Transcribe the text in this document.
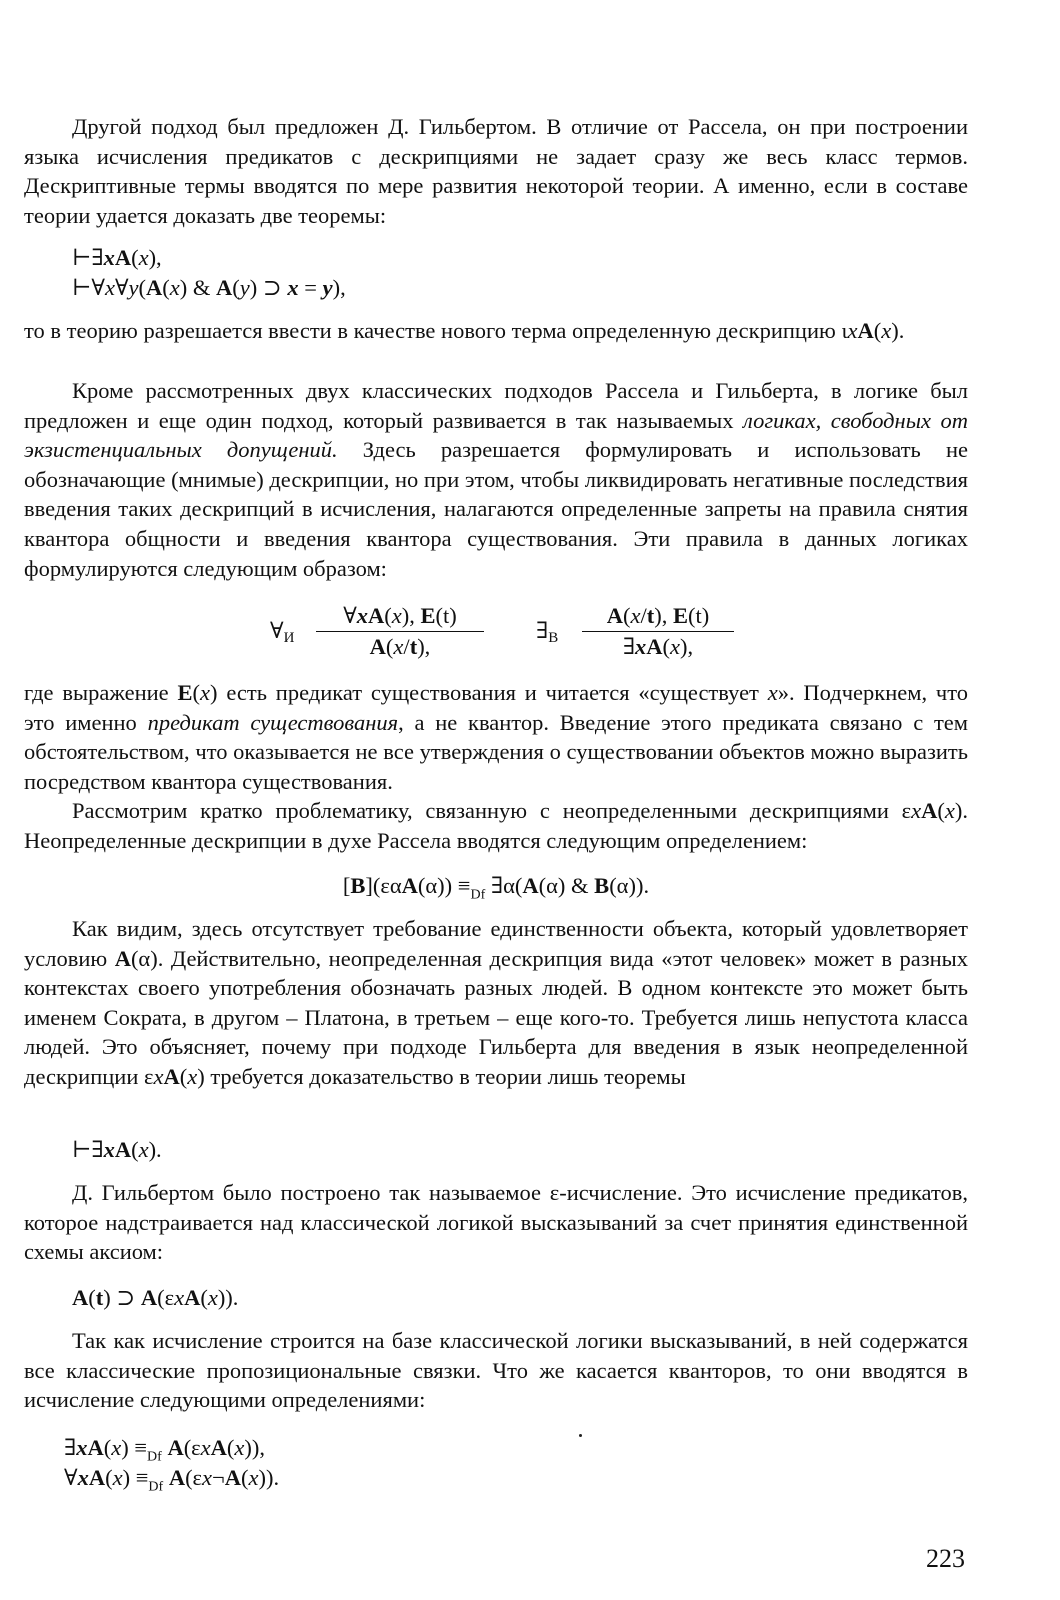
Другой подход был предложен Д. Гильбертом. В отличие от Рассела, он при построении языка исчисления предикатов с дескрипциями не задает сразу же весь класс термов. Дескриптивные термы вводятся по мере развития некоторой теории. А именно, если в составе теории удается доказать две теоремы:

⊢∃xA(x),
⊢∀x∀y(A(x) & A(y) ⊃ x = y),

то в теорию разрешается ввести в качестве нового терма определенную дескрипцию ιxA(x).

Кроме рассмотренных двух классических подходов Рассела и Гильберта, в логике был предложен и еще один подход, который развивается в так называемых логиках, свободных от экзистенциальных допущений. Здесь разрешается формулировать и использовать не обозначающие (мнимые) дескрипции, но при этом, чтобы ликвидировать негативные последствия введения таких дескрипций в исчисления, налагаются определенные запреты на правила снятия квантора общности и введения квантора существования. Эти правила в данных логиках формулируются следующим образом:

$\forall_И \frac{\forall xA(x), E(t)}{A(x/t),}$ $\exists_В \frac{A(x/t), E(t)}{\exists xA(x),}$

где выражение E(x) есть предикат существования и читается «существует x». Подчеркнем, что это именно предикат существования, а не квантор. Введение этого предиката связано с тем обстоятельством, что оказывается не все утверждения о существовании объектов можно выразить посредством квантора существования.

Рассмотрим кратко проблематику, связанную с неопределенными дескрипциями εxA(x). Неопределенные дескрипции в духе Рассела вводятся следующим определением:

$[B](\varepsilon\alpha A(\alpha)) \equiv_{Df}$ ∃α(A(α) & B(α)).

Как видим, здесь отсутствует требование единственности объекта, который удовлетворяет условию A(α). Действительно, неопределенная дескрипция вида «этот человек» может в разных контекстах своего употребления обозначать разных людей. В одном контексте это может быть именем Сократа, в другом – Платона, в третьем – еще кого-то. Требуется лишь непустота класса людей. Это объясняет, почему при подходе Гильберта для введения в язык неопределенной дескрипции εxA(x) требуется доказательство в теории лишь теоремы

⊢∃xA(x).

Д. Гильбертом было построено так называемое ε-исчисление. Это исчисление предикатов, которое надстраивается над классической логикой высказываний за счет принятия единственной схемы аксиом:

A(t) ⊃ A(εxA(x)).

Так как исчисление строится на базе классической логики высказываний, в ней содержатся все классические пропозициональные связки. Что же касается кванторов, то они вводятся в исчисление следующими определениями:

∃xA(x) $\equiv_{Df}$ A(εxA(x)),
∀xA(x) $\equiv_{Df}$ A(εx¬A(x)).
223
